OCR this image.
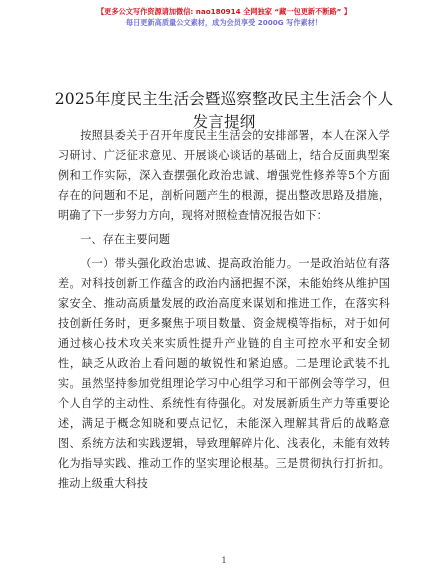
【更多公文写作资源请加微信: nao180914 全网独家 “藏一包更新不断路” 】
每日更新高质量公文素材，成为会员享受 2000G 写作素材！
2025年度民主生活会暨巡察整改民主生活会个人发言提纲

按照县委关于召开年度民主生活会的安排部署，本人在深入学习研讨、广泛征求意见、开展谈心谈话的基础上，结合反面典型案例和工作实际，深入查摆强化政治忠诚、增强党性修养等5个方面存在的问题和不足，剖析问题产生的根源，提出整改思路及措施，明确了下一步努力方向，现将对照检查情况报告如下：

一、存在主要问题

（一）带头强化政治忠诚、提高政治能力。一是政治站位有落差。对科技创新工作蕴含的政治内涵把握不深，未能始终从维护国家安全、推动高质量发展的政治高度来谋划和推进工作，在落实科技创新任务时，更多聚焦于项目数量、资金规模等指标，对于如何通过核心技术攻关来实质性提升产业链的自主可控水平和安全韧性，缺乏从政治上看问题的敏锐性和紧迫感。二是理论武装不扎实。虽然坚持参加党组理论学习中心组学习和干部例会等学习，但个人自学的主动性、系统性有待强化。对发展新质生产力等重要论述，满足于概念知晓和要点记忆，未能深入理解其背后的战略意图、系统方法和实践逻辑，导致理解碎片化、浅表化，未能有效转化为指导实践、推动工作的坚实理论根基。三是贯彻执行打折扣。推动上级重大科技

1
